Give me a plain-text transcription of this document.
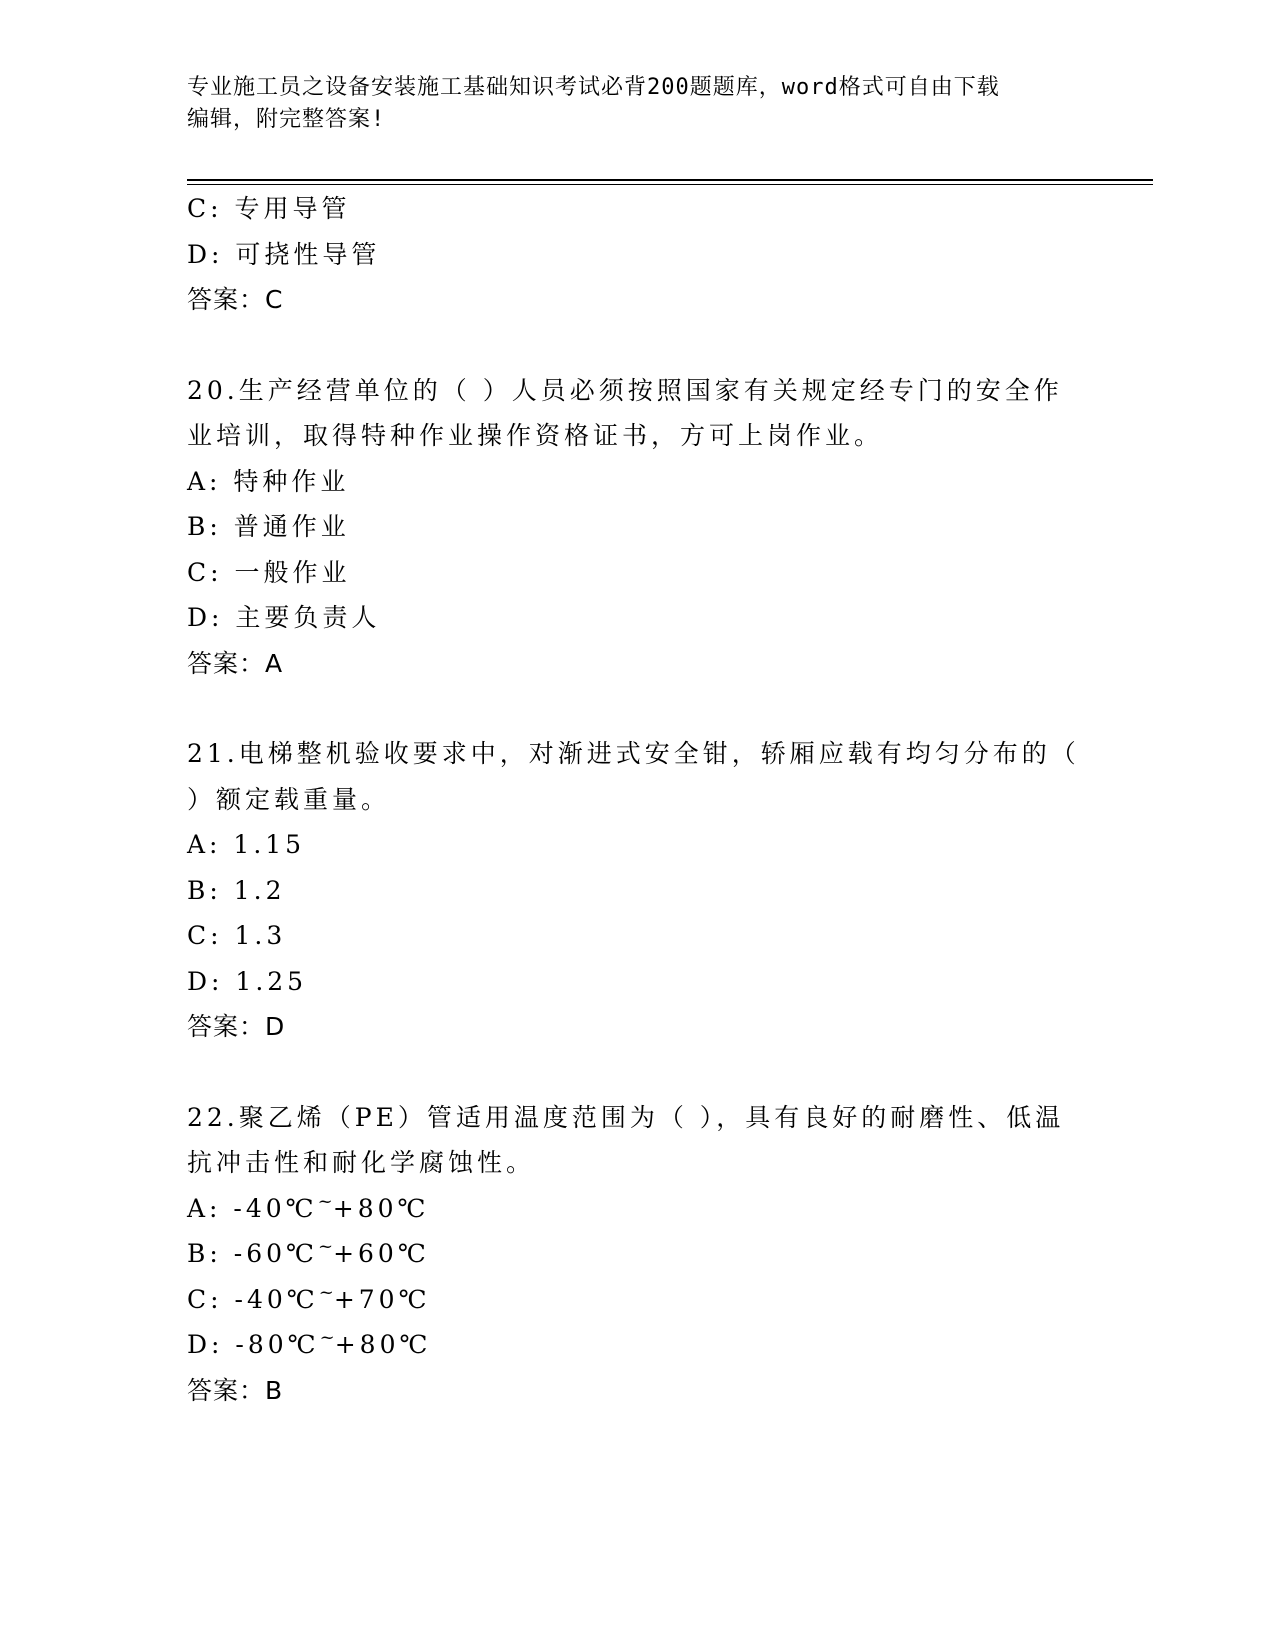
专业施工员之设备安装施工基础知识考试必背200题题库，word格式可自由下载
编辑，附完整答案!
C: 专用导管
D: 可挠性导管
答案：C
20.生产经营单位的（ ）人员必须按照国家有关规定经专门的安全作
业培训，取得特种作业操作资格证书，方可上岗作业。
A: 特种作业
B: 普通作业
C: 一般作业
D: 主要负责人
答案：A
21.电梯整机验收要求中，对渐进式安全钳，轿厢应载有均匀分布的（
）额定载重量。
A: 1.15
B: 1.2
C: 1.3
D: 1.25
答案：D
22.聚乙烯（PE）管适用温度范围为（ ），具有良好的耐磨性、低温
抗冲击性和耐化学腐蚀性。
A: -40℃~+80℃
B: -60℃~+60℃
C: -40℃~+70℃
D: -80℃~+80℃
答案：B
